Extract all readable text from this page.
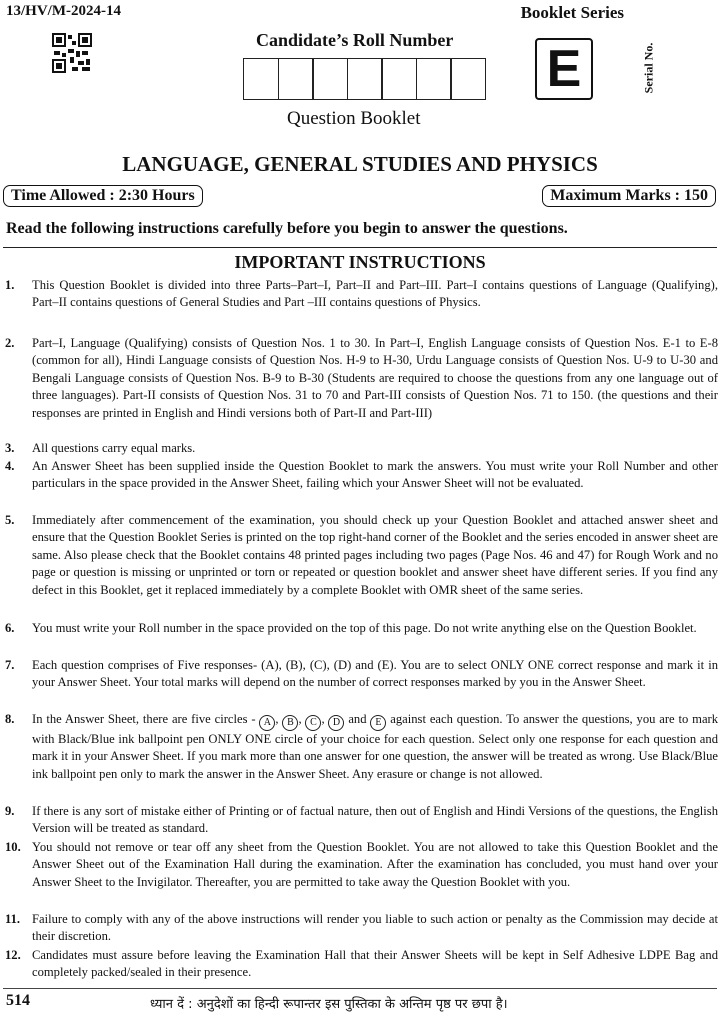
13/HV/M-2024-14	Booklet Series
Candidate’s Roll Number E	Serial No.
Question Booklet
LANGUAGE, GENERAL STUDIES AND PHYSICS
Time Allowed : 2:30 Hours	Maximum Marks : 150
Read the following instructions carefully before you begin to answer the questions.
IMPORTANT INSTRUCTIONS
1. This Question Booklet is divided into three Parts–Part–I, Part–II and Part–III. Part–I contains questions of Language (Qualifying), Part–II contains questions of General Studies and Part –III contains questions of Physics.
2. Part–I, Language (Qualifying) consists of Question Nos. 1 to 30. In Part–I, English Language consists of Question Nos. E-1 to E-8 (common for all), Hindi Language consists of Question Nos. H-9 to H-30, Urdu Language consists of Question Nos. U-9 to U-30 and Bengali Language consists of Question Nos. B-9 to B-30 (Students are required to choose the questions from any one language out of three languages). Part-II consists of Question Nos. 31 to 70 and Part-III consists of Question Nos. 71 to 150. (the questions and their responses are printed in English and Hindi versions both of Part-II and Part-III)
3. All questions carry equal marks.
4. An Answer Sheet has been supplied inside the Question Booklet to mark the answers. You must write your Roll Number and other particulars in the space provided in the Answer Sheet, failing which your Answer Sheet will not be evaluated.
5. Immediately after commencement of the examination, you should check up your Question Booklet and attached answer sheet and ensure that the Question Booklet Series is printed on the top right-hand corner of the Booklet and the series encoded in answer sheet are same. Also please check that the Booklet contains 48 printed pages including two pages (Page Nos. 46 and 47) for Rough Work and no page or question is missing or unprinted or torn or repeated or question booklet and answer sheet have different series. If you find any defect in this Booklet, get it replaced immediately by a complete Booklet with OMR sheet of the same series.
6. You must write your Roll number in the space provided on the top of this page. Do not write anything else on the Question Booklet.
7. Each question comprises of Five responses- (A), (B), (C), (D) and (E). You are to select ONLY ONE correct response and mark it in your Answer Sheet. Your total marks will depend on the number of correct responses marked by you in the Answer Sheet.
8. In the Answer Sheet, there are five circles - A , B , C , D and E against each question. To answer the questions, you are to mark with Black/Blue ink ballpoint pen ONLY ONE circle of your choice for each question. Select only one response for each question and mark it in your Answer Sheet. If you mark more than one answer for one question, the answer will be treated as wrong. Use Black/Blue ink ballpoint pen only to mark the answer in the Answer Sheet. Any erasure or change is not allowed.
9. If there is any sort of mistake either of Printing or of factual nature, then out of English and Hindi Versions of the questions, the English Version will be treated as standard.
10. You should not remove or tear off any sheet from the Question Booklet. You are not allowed to take this Question Booklet and the Answer Sheet out of the Examination Hall during the examination. After the examination has concluded, you must hand over your Answer Sheet to the Invigilator. Thereafter, you are permitted to take away the Question Booklet with you.
11. Failure to comply with any of the above instructions will render you liable to such action or penalty as the Commission may decide at their discretion.
12. Candidates must assure before leaving the Examination Hall that their Answer Sheets will be kept in Self Adhesive LDPE Bag and completely packed/sealed in their presence.
514	ध्यान दें : अनुदेशों का हिन्दी रूपान्तर इस पुस्तिका के अन्तिम पृष्ठ पर छपा है।
